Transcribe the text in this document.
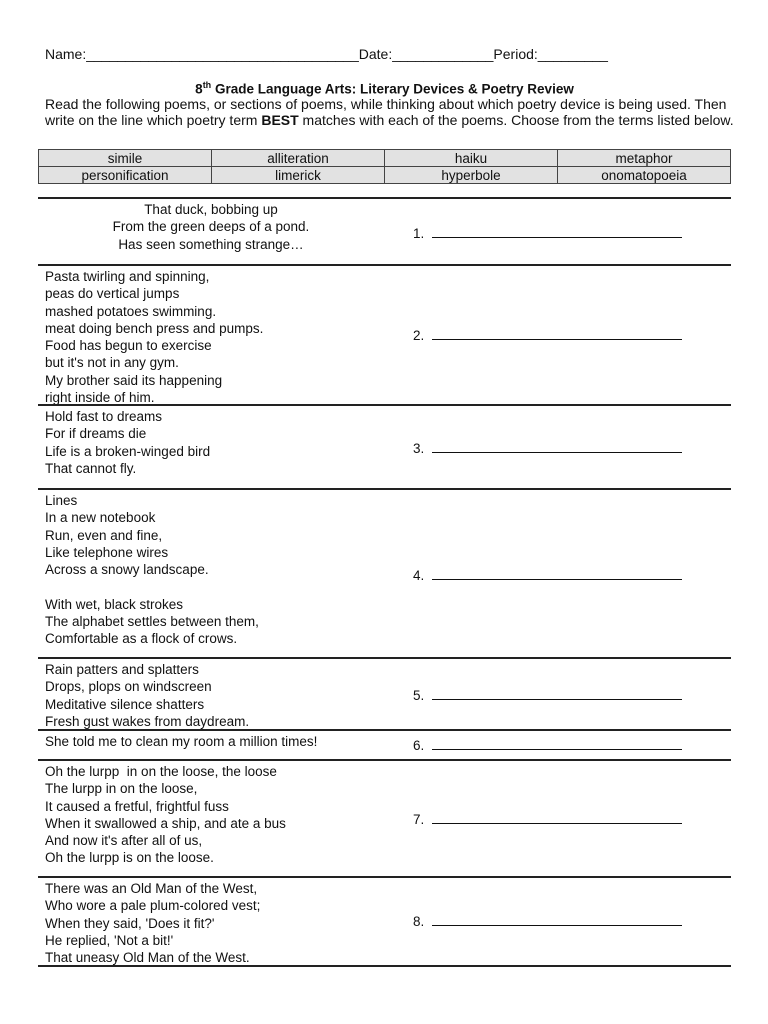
Name:___________________________________Date:_____________Period:_________
8th Grade Language Arts: Literary Devices & Poetry Review
Read the following poems, or sections of poems, while thinking about which poetry device is being used. Then write on the line which poetry term BEST matches with each of the poems. Choose from the terms listed below.
simile	alliteration	haiku	metaphor
personification	limerick	hyperbole	onomatopoeia
That duck, bobbing up
From the green deeps of a pond.
Has seen something strange…
1.
Pasta twirling and spinning,
peas do vertical jumps
mashed potatoes swimming.
meat doing bench press and pumps.
Food has begun to exercise
but it's not in any gym.
My brother said its happening
right inside of him.
2.
Hold fast to dreams
For if dreams die
Life is a broken-winged bird
That cannot fly.
3.
Lines
In a new notebook
Run, even and fine,
Like telephone wires
Across a snowy landscape.

With wet, black strokes
The alphabet settles between them,
Comfortable as a flock of crows.
4.
Rain patters and splatters
Drops, plops on windscreen
Meditative silence shatters
Fresh gust wakes from daydream.
5.
She told me to clean my room a million times!	6.
Oh the lurpp  in on the loose, the loose
The lurpp in on the loose,
It caused a fretful, frightful fuss
When it swallowed a ship, and ate a bus
And now it's after all of us,
Oh the lurpp is on the loose.
7.
There was an Old Man of the West,
Who wore a pale plum-colored vest;
When they said, 'Does it fit?'
He replied, 'Not a bit!'
That uneasy Old Man of the West.
8.
